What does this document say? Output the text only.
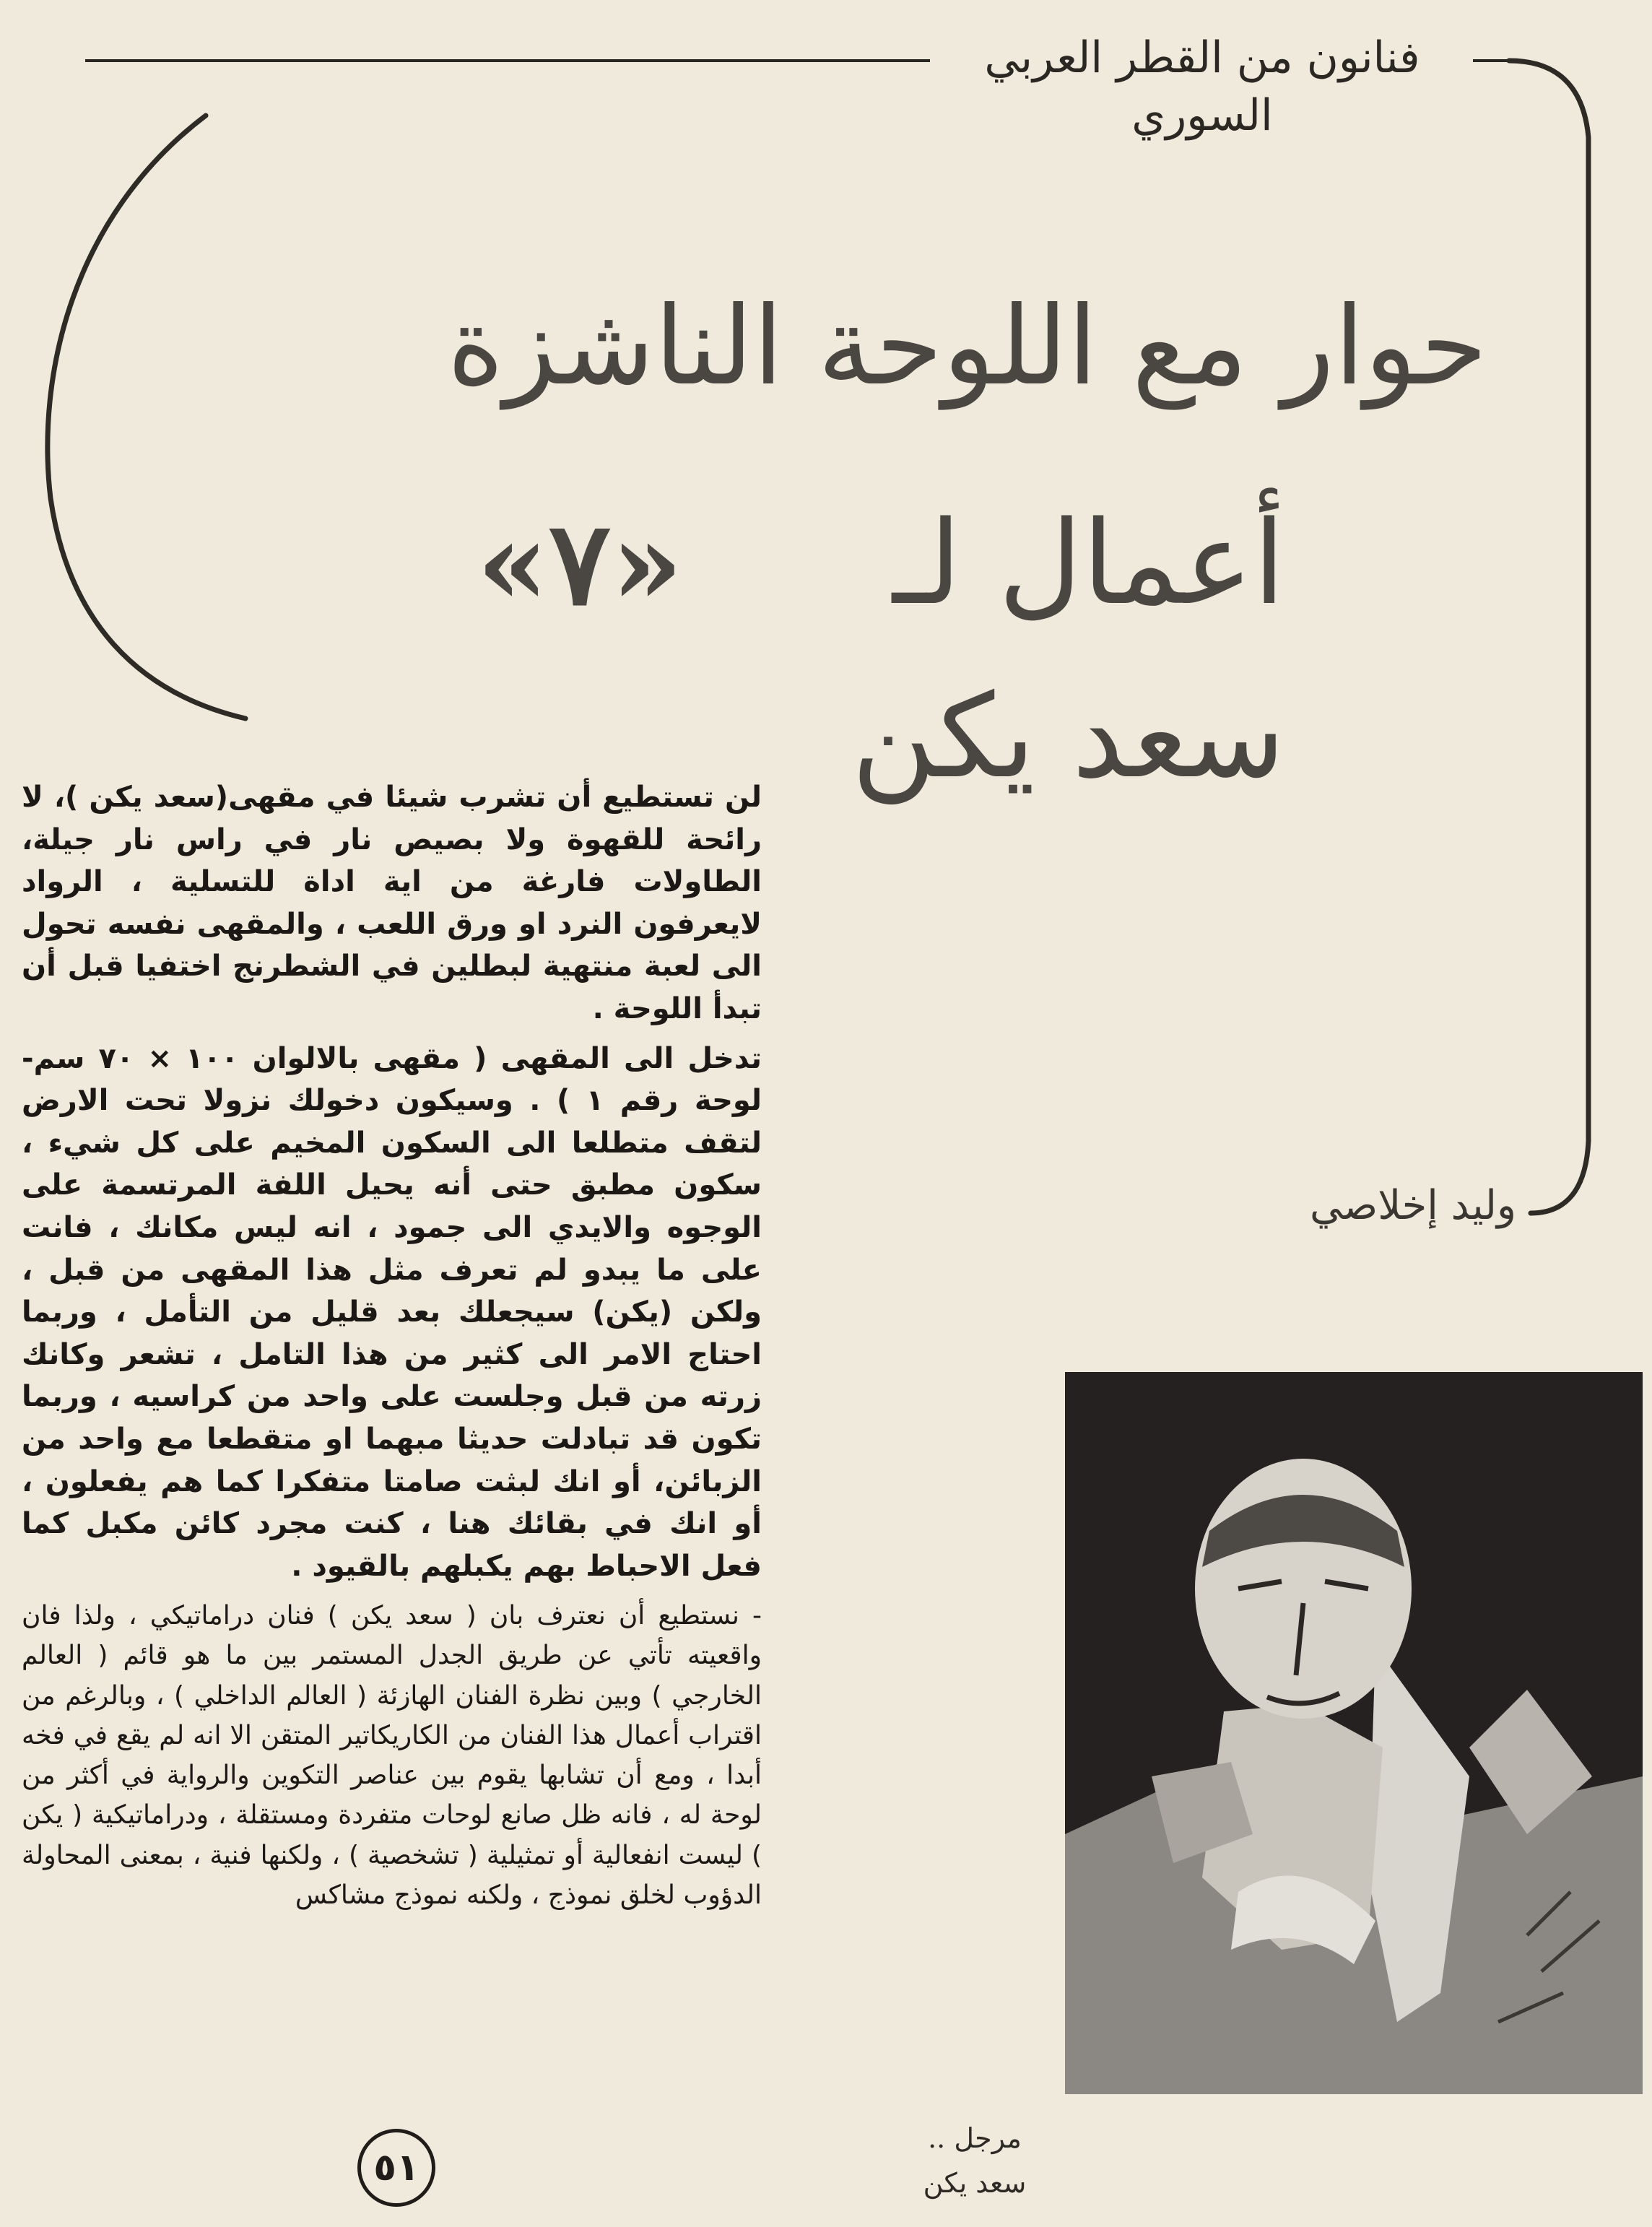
فنانون من القطر العربي السوري
حوار مع اللوحة الناشزة
أعمال لـ سعد يكن
«٧»
وليد إخلاصي

لن تستطيع أن تشرب شيئا في مقهى(سعد يكن )، لا رائحة للقهوة ولا بصيص نار في راس نار جيلة، الطاولات فارغة من اية اداة للتسلية ، الرواد لايعرفون النرد او ورق اللعب ، والمقهى نفسه تحول الى لعبة منتهية لبطلين في الشطرنج اختفيا قبل أن تبدأ اللوحة .

تدخل الى المقهى ( مقهى بالالوان ١٠٠ × ٧٠ سم- لوحة رقم ١ ) . وسيكون دخولك نزولا تحت الارض لتقف متطلعا الى السكون المخيم على كل شيء ، سكون مطبق حتى أنه يحيل اللفة المرتسمة على الوجوه والايدي الى جمود ، انه ليس مكانك ، فانت على ما يبدو لم تعرف مثل هذا المقهى من قبل ، ولكن (يكن) سيجعلك بعد قليل من التأمل ، وربما احتاج الامر الى كثير من هذا التامل ، تشعر وكانك زرته من قبل وجلست على واحد من كراسيه ، وربما تكون قد تبادلت حديثا مبهما او متقطعا مع واحد من الزبائن، أو انك لبثت صامتا متفكرا كما هم يفعلون ، أو انك في بقائك هنا ، كنت مجرد كائن مكبل كما فعل الاحباط بهم يكبلهم بالقيود .

- نستطيع أن نعترف بان ( سعد يكن ) فنان دراماتيكي ، ولذا فان واقعيته تأتي عن طريق الجدل المستمر بين ما هو قائم ( العالم الخارجي ) وبين نظرة الفنان الهازئة ( العالم الداخلي ) ، وبالرغم من اقتراب أعمال هذا الفنان من الكاريكاتير المتقن الا انه لم يقع في فخه أبدا ، ومع أن تشابها يقوم بين عناصر التكوين والرواية في أكثر من لوحة له ، فانه ظل صانع لوحات متفردة ومستقلة ، ودراماتيكية ( يكن ) ليست انفعالية أو تمثيلية ( تشخصية ) ، ولكنها فنية ، بمعنى المحاولة الدؤوب لخلق نموذج ، ولكنه نموذج مشاكس

مرجل ..
سعد يكن
٥١
